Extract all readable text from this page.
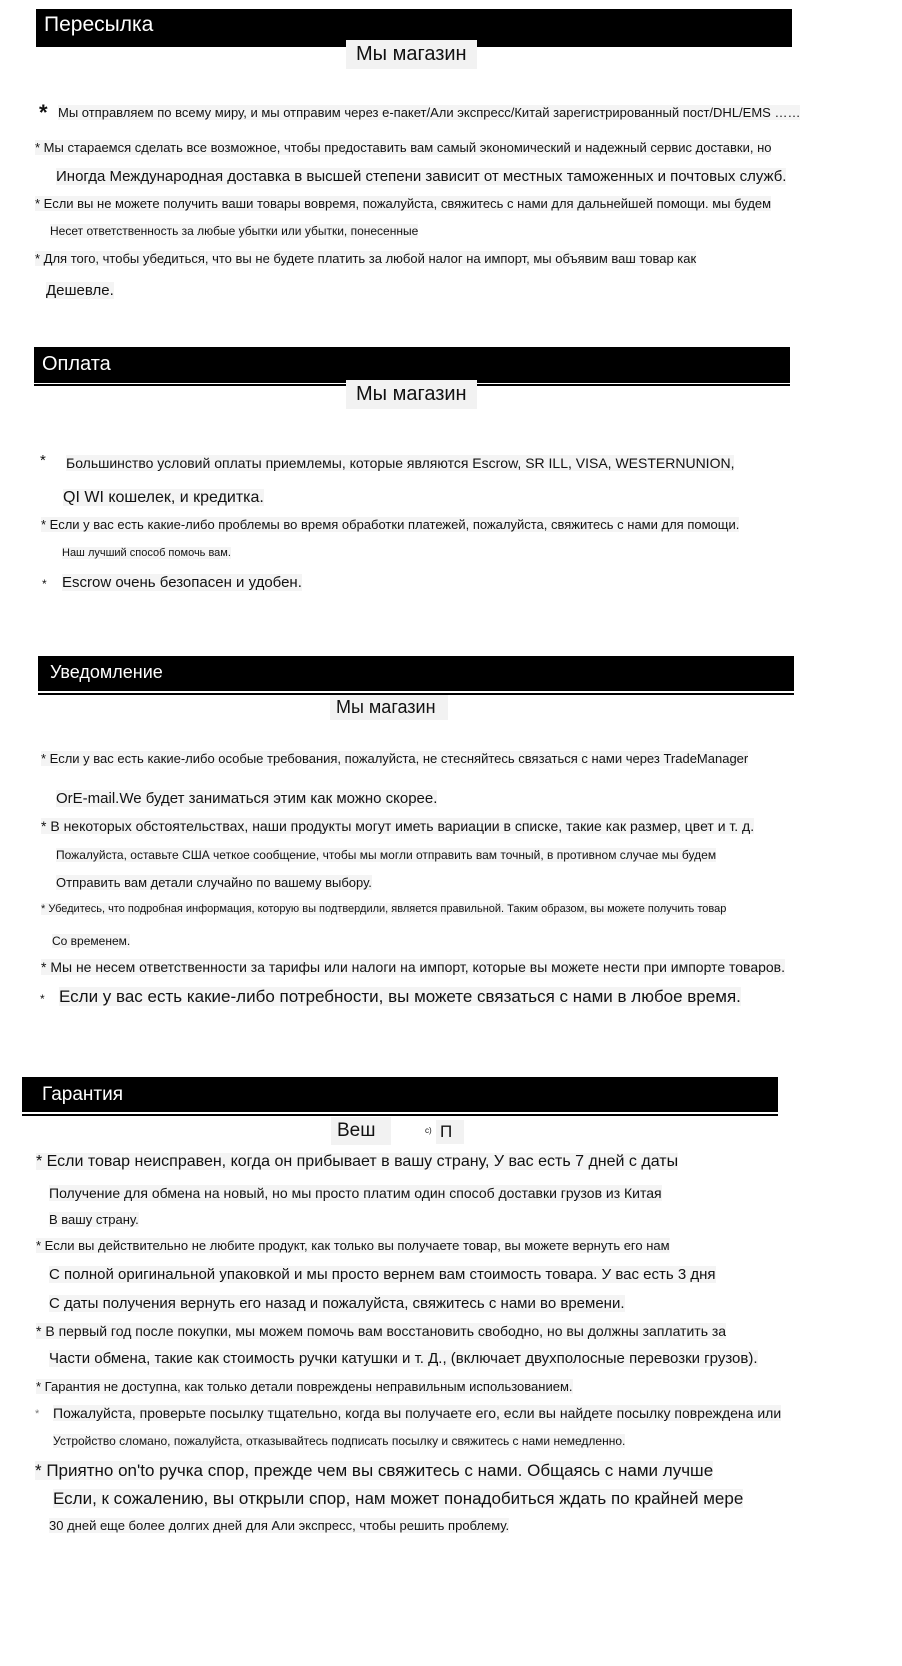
Пересылка
Мы магазин
* Мы отправляем по всему миру, и мы отправим через е-пакет/Али экспресс/Китай зарегистрированный пост/DHL/EMS ……
* Мы стараемся сделать все возможное, чтобы предоставить вам самый экономический и надежный сервис доставки, но
Иногда Международная доставка в высшей степени зависит от местных таможенных и почтовых служб.
* Если вы не можете получить ваши товары вовремя, пожалуйста, свяжитесь с нами для дальнейшей помощи. мы будем
Несет ответственность за любые убытки или убытки, понесенные
* Для того, чтобы убедиться, что вы не будете платить за любой налог на импорт, мы объявим ваш товар как
Дешевле.
Оплата
Мы магазин
* Большинство условий оплаты приемлемы, которые являются Escrow, SR ILL, VISA, WESTERNUNION,
QI WI кошелек, и кредитка.
* Если у вас есть какие-либо проблемы во время обработки платежей, пожалуйста, свяжитесь с нами для помощи.
Наш лучший способ помочь вам.
* Escrow очень безопасен и удобен.
Уведомление
Мы магазин
* Если у вас есть какие-либо особые требования, пожалуйста, не стесняйтесь связаться с нами через TradeManager
OrE-mail.We будет заниматься этим как можно скорее.
* В некоторых обстоятельствах, наши продукты могут иметь вариации в списке, такие как размер, цвет и т. д.
Пожалуйста, оставьте США четкое сообщение, чтобы мы могли отправить вам точный, в противном случае мы будем
Отправить вам детали случайно по вашему выбору.
* Убедитесь, что подробная информация, которую вы подтвердили, является правильной. Таким образом, вы можете получить товар
Со временем.
* Мы не несем ответственности за тарифы или налоги на импорт, которые вы можете нести при импорте товаров.
* Если у вас есть какие-либо потребности, вы можете связаться с нами в любое время.
Гарантия
Веш	c) П
* Если товар неисправен, когда он прибывает в вашу страну, У вас есть 7 дней с даты
Получение для обмена на новый, но мы просто платим один способ доставки грузов из Китая
В вашу страну.
* Если вы действительно не любите продукт, как только вы получаете товар, вы можете вернуть его нам
С полной оригинальной упаковкой и мы просто вернем вам стоимость товара. У вас есть 3 дня
С даты получения вернуть его назад и пожалуйста, свяжитесь с нами во времени.
* В первый год после покупки, мы можем помочь вам восстановить свободно, но вы должны заплатить за
Части обмена, такие как стоимость ручки катушки и т. Д., (включает двухполосные перевозки грузов).
* Гарантия не доступна, как только детали повреждены неправильным использованием.
* Пожалуйста, проверьте посылку тщательно, когда вы получаете его, если вы найдете посылку повреждена или
Устройство сломано, пожалуйста, отказывайтесь подписать посылку и свяжитесь с нами немедленно.
* Приятно on'to ручка спор, прежде чем вы свяжитесь с нами. Общаясь с нами лучше
Если, к сожалению, вы открыли спор, нам может понадобиться ждать по крайней мере
30 дней еще более долгих дней для Али экспресс, чтобы решить проблему.
